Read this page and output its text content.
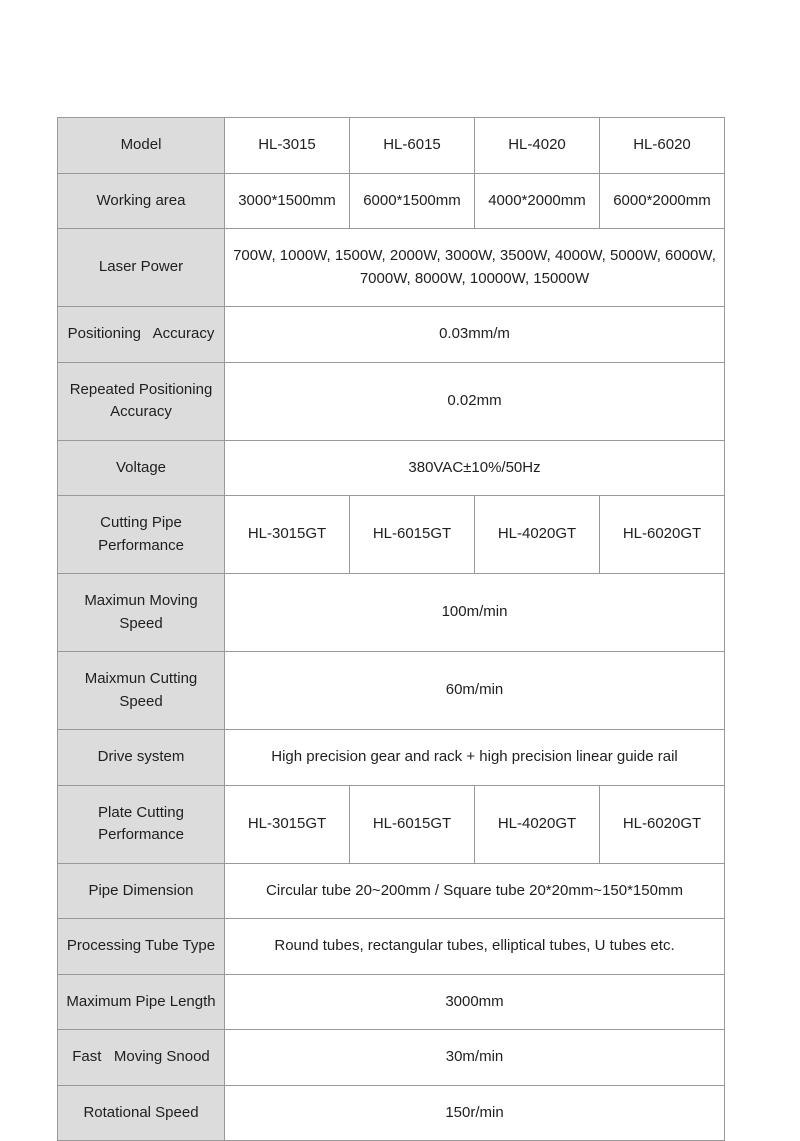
Model	HL-3015	HL-6015	HL-4020	HL-6020
Working area	3000*1500mm	6000*1500mm	4000*2000mm	6000*2000mm
Laser Power	700W, 1000W, 1500W, 2000W, 3000W, 3500W, 4000W, 5000W, 6000W, 7000W, 8000W, 10000W, 15000W			
Positioning   Accuracy	0.03mm/m			
Repeated Positioning Accuracy	0.02mm			
Voltage	380VAC±10%/50Hz			
Cutting Pipe Performance	HL-3015GT	HL-6015GT	HL-4020GT	HL-6020GT
Maximun Moving Speed	100m/min			
Maixmun Cutting Speed	60m/min			
Drive system	High precision gear and rack + high precision linear guide rail			
Plate Cutting Performance	HL-3015GT	HL-6015GT	HL-4020GT	HL-6020GT
Pipe Dimension	Circular tube 20~200mm / Square tube 20*20mm~150*150mm			
Processing Tube Type	Round tubes, rectangular tubes, elliptical tubes, U tubes etc.			
Maximum Pipe Length	3000mm			
Fast   Moving Snood	30m/min			
Rotational Speed	150r/min			
